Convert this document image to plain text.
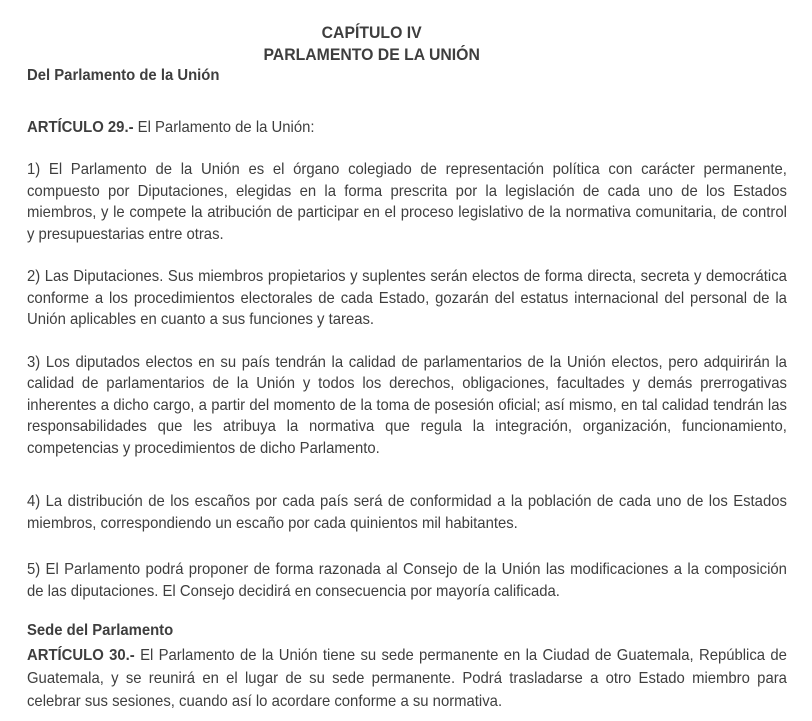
CAPÍTULO IV
PARLAMENTO DE LA UNIÓN
Del Parlamento de la Unión

ARTÍCULO 29.- El Parlamento de la Unión:

1) El Parlamento de la Unión es el órgano colegiado de representación política con carácter permanente, compuesto por Diputaciones, elegidas en la forma prescrita por la legislación de cada uno de los Estados miembros, y le compete la atribución de participar en el proceso legislativo de la normativa comunitaria, de control y presupuestarias entre otras.

2) Las Diputaciones. Sus miembros propietarios y suplentes serán electos de forma directa, secreta y democrática conforme a los procedimientos electorales de cada Estado, gozarán del estatus internacional del personal de la Unión aplicables en cuanto a sus funciones y tareas.

3) Los diputados electos en su país tendrán la calidad de parlamentarios de la Unión electos, pero adquirirán la calidad de parlamentarios de la Unión y todos los derechos, obligaciones, facultades y demás prerrogativas inherentes a dicho cargo, a partir del momento de la toma de posesión oficial; así mismo, en tal calidad tendrán las responsabilidades que les atribuya la normativa que regula la integración, organización, funcionamiento, competencias y procedimientos de dicho Parlamento.

4) La distribución de los escaños por cada país será de conformidad a la población de cada uno de los Estados miembros, correspondiendo un escaño por cada quinientos mil habitantes.

5) El Parlamento podrá proponer de forma razonada al Consejo de la Unión las modificaciones a la composición de las diputaciones. El Consejo decidirá en consecuencia por mayoría calificada.

Sede del Parlamento

ARTÍCULO 30.- El Parlamento de la Unión tiene su sede permanente en la Ciudad de Guatemala, República de Guatemala, y se reunirá en el lugar de su sede permanente. Podrá trasladarse a otro Estado miembro para celebrar sus sesiones, cuando así lo acordare conforme a su normativa.
